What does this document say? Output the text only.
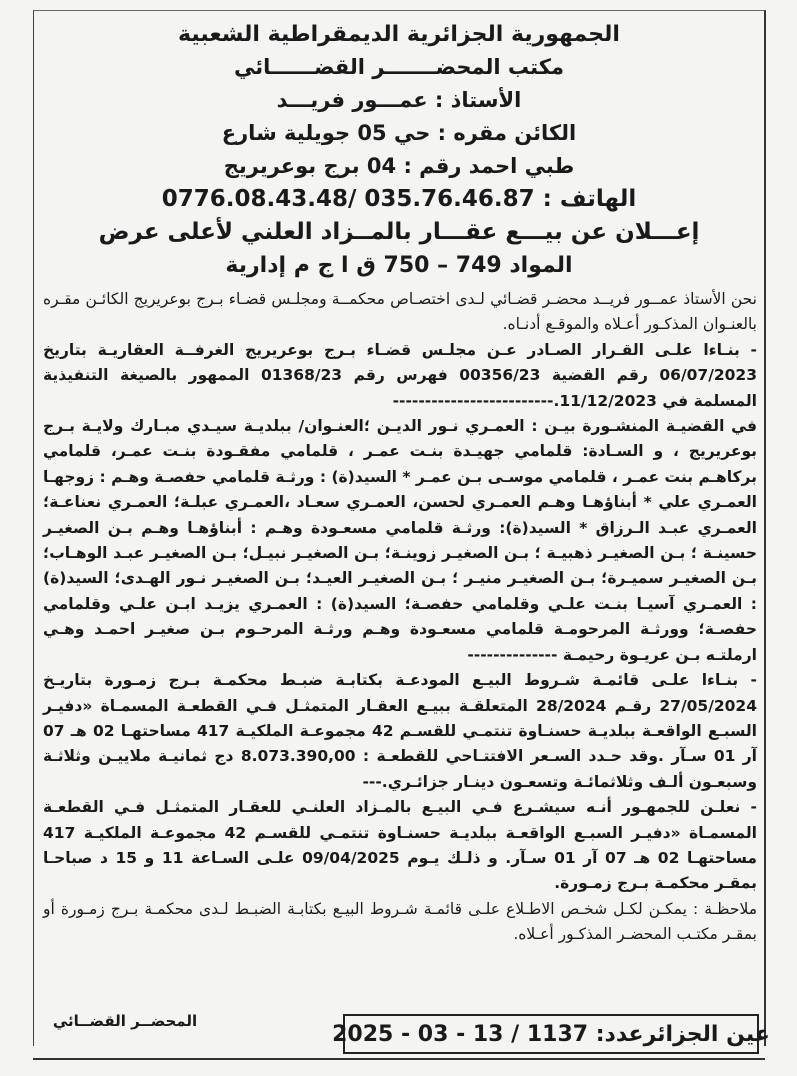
الجمهورية الجزائرية الديمقراطية الشعبية
مكتب المحضـــــــر القضــــــائي
الأستاذ : عمـــور فريـــد
الكائن مقره : حي 05 جويلية شارع
طبي احمد رقم : 04 برج بوعريريج
الهاتف : 035.76.46.87 /0776.08.43.48
إعـــلان عن بيـــع عقـــار بالمــزاد العلني لأعلى عرض
المواد 749 – 750 ق ا ج م إدارية

نحن الأستاذ عمــور فريــد محضـر قضـائي لـدى اختصـاص محكمــة ومجلـس قضـاء بـرج بوعريريج الكائـن مقـره بالعنـوان المذكـور أعـلاه والموقـع أدنـاه.

- بنـاءا علـى القـرار الصـادر عـن مجلـس قضـاء بـرج بوعريريج الغرفــة العقاريـة بتاريخ 06/07/2023 رقم القضية 00356/23 فهرس رقم 01368/23 الممهور بالصيغة التنفيذية المسلمة في 11/12/2023.-------------------------

في القضيـة المنشـورة بيـن : العمـري نـور الديـن ؛العنـوان/ ببلديـة سيـدي مبـارك ولايـة بـرج بوعريريج ، و السـادة: قلمامي جهيـدة بنـت عمـر ، قلمامي مفقـودة بنـت عمـر، قلمامي بركاهـم بنت عمـر ، قلمامي موسـى بـن عمـر * السيد(ة) : ورثـة قلمامي حفصـة وهـم : زوجهـا العمـري علي * أبناؤهـا وهـم العمـري لحسن، العمـري سعـاد ،العمـري عبلـة؛ العمـري نعناعـة؛ العمـري عبـد الـرزاق * السيد(ة): ورثـة قلمامي مسعـودة وهـم : أبناؤهـا وهـم بـن الصغيـر حسينـة ؛ بـن الصغيـر ذهبيـة ؛ بـن الصغيـر زوينـة؛ بـن الصغيـر نبيـل؛ بـن الصغيـر عبـد الوهـاب؛ بـن الصغيـر سميـرة؛ بـن الصغيـر منيـر ؛ بـن الصغيـر العيـد؛ بـن الصغيـر نـور الهـدى؛ السيد(ة) : العمـري آسيـا بنـت علـي وقلمامي حفصـة؛ السيد(ة) : العمـري يزيـد ابـن علـي وقلمامي حفصـة؛ وورثـة المرحومـة قلمامي مسعـودة وهـم ورثـة المرحـوم بـن صغيـر احمـد وهـي ارملتـه بـن عريـوة رحيمـة --------------

- بنـاءا علـى قائمـة شـروط البيـع المودعـة بكتابـة ضبـط محكمـة بـرج زمـورة بتاريـخ 27/05/2024 رقـم 28/2024 المتعلقـة ببيـع العقـار المتمثـل فـي القطعـة المسمـاة «دفيـر السبـع الواقعـة ببلديـة حسنـاوة تنتمـي للقسـم 42 مجموعـة الملكيـة 417 مساحتهـا 02 هـ 07 آر 01 سـآر .وقد حـدد السـعر الافتتـاحي للقطعـة : 8.073.390,00 دج ثمانيـة ملاييـن وثلاثـة وسبعـون ألـف وثلاثمائـة وتسعـون دينـار جزائـري.---

- نعلـن للجمهـور أنـه سيشـرع فـي البيـع بالمـزاد العلنـي للعقـار المتمثـل فـي القطعـة المسمـاة «دفيـر السبـع الواقعـة ببلديـة حسنـاوة تنتمـي للقسـم 42 مجموعـة الملكيـة 417 مساحتهـا 02 هـ 07 آر 01 سـآر. و ذلـك يـوم 09/04/2025 علـى السـاعة 11 و 15 د صباحـا بمقـر محكمـة بـرج زمـورة.

ملاحظـة : يمكـن لكـل شخـص الاطـلاع علـى قائمـة شـروط البيـع بكتابـة الضبـط لـدى محكمـة بـرج زمـورة أو بمقـر مكتـب المحضـر المذكـور أعـلاه.

المحضــر القضــائي
عين الجزائرعدد: 1137 / 13 - 03 - 2025
